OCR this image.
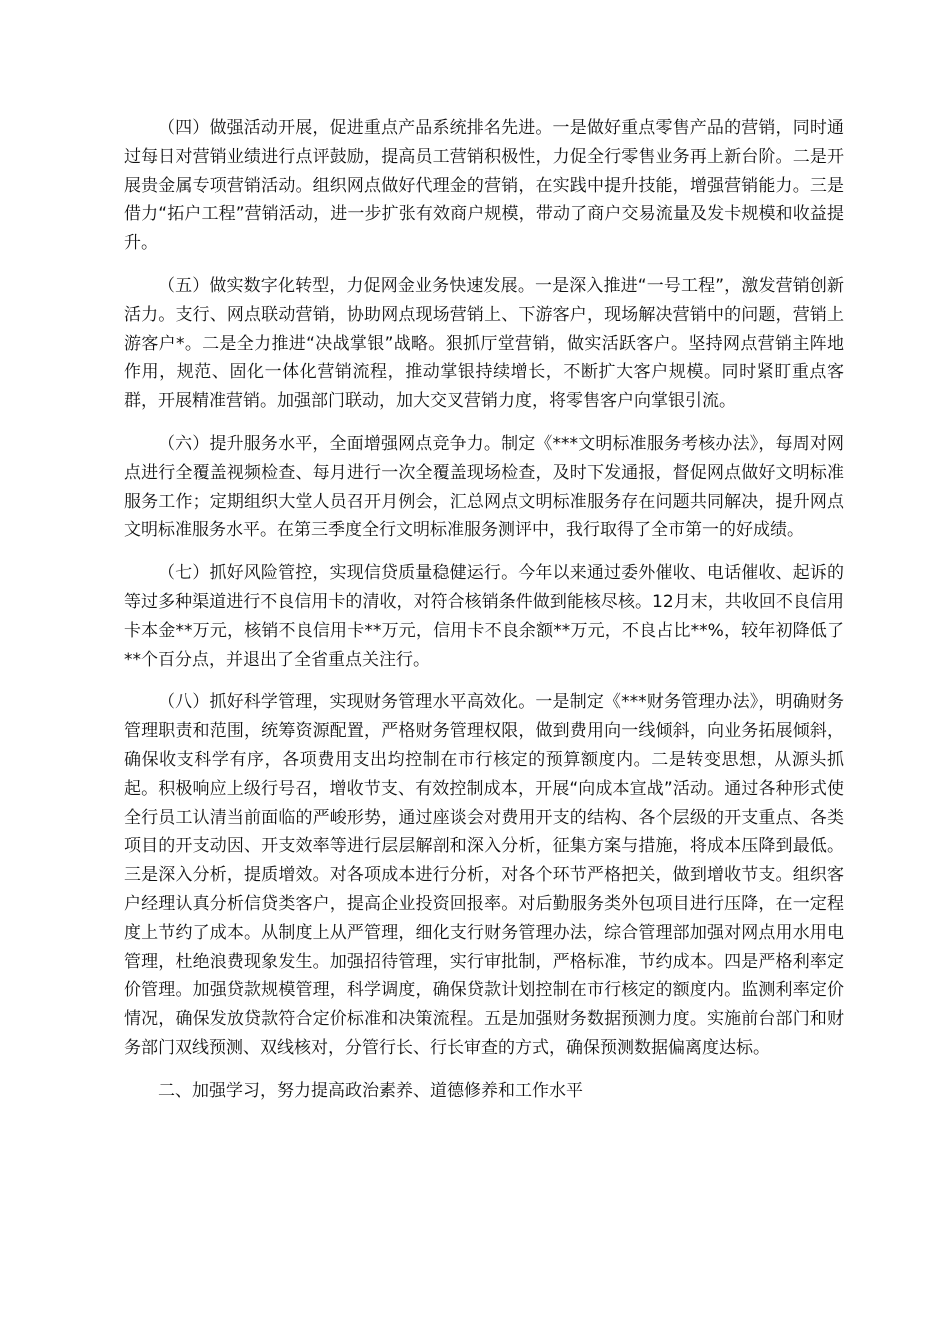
（四）做强活动开展，促进重点产品系统排名先进。一是做好重点零售产品的营销，同时通过每日对营销业绩进行点评鼓励，提高员工营销积极性，力促全行零售业务再上新台阶。二是开展贵金属专项营销活动。组织网点做好代理金的营销，在实践中提升技能，增强营销能力。三是借力“拓户工程”营销活动，进一步扩张有效商户规模，带动了商户交易流量及发卡规模和收益提升。

（五）做实数字化转型，力促网金业务快速发展。一是深入推进“一号工程”，激发营销创新活力。支行、网点联动营销，协助网点现场营销上、下游客户，现场解决营销中的问题，营销上游客户*。二是全力推进“决战掌银”战略。狠抓厅堂营销，做实活跃客户。坚持网点营销主阵地作用，规范、固化一体化营销流程，推动掌银持续增长，不断扩大客户规模。同时紧盯重点客群，开展精准营销。加强部门联动，加大交叉营销力度，将零售客户向掌银引流。

（六）提升服务水平，全面增强网点竞争力。制定《***文明标准服务考核办法》，每周对网点进行全覆盖视频检查、每月进行一次全覆盖现场检查，及时下发通报，督促网点做好文明标准服务工作；定期组织大堂人员召开月例会，汇总网点文明标准服务存在问题共同解决，提升网点文明标准服务水平。在第三季度全行文明标准服务测评中，我行取得了全市第一的好成绩。

（七）抓好风险管控，实现信贷质量稳健运行。今年以来通过委外催收、电话催收、起诉的等过多种渠道进行不良信用卡的清收，对符合核销条件做到能核尽核。12月末，共收回不良信用卡本金**万元，核销不良信用卡**万元，信用卡不良余额**万元，不良占比**%，较年初降低了**个百分点，并退出了全省重点关注行。

（八）抓好科学管理，实现财务管理水平高效化。一是制定《***财务管理办法》，明确财务管理职责和范围，统筹资源配置，严格财务管理权限，做到费用向一线倾斜，向业务拓展倾斜，确保收支科学有序，各项费用支出均控制在市行核定的预算额度内。二是转变思想，从源头抓起。积极响应上级行号召，增收节支、有效控制成本，开展“向成本宣战”活动。通过各种形式使全行员工认清当前面临的严峻形势，通过座谈会对费用开支的结构、各个层级的开支重点、各类项目的开支动因、开支效率等进行层层解剖和深入分析，征集方案与措施，将成本压降到最低。三是深入分析，提质增效。对各项成本进行分析，对各个环节严格把关，做到增收节支。组织客户经理认真分析信贷类客户，提高企业投资回报率。对后勤服务类外包项目进行压降，在一定程度上节约了成本。从制度上从严管理，细化支行财务管理办法，综合管理部加强对网点用水用电管理，杜绝浪费现象发生。加强招待管理，实行审批制，严格标准，节约成本。四是严格利率定价管理。加强贷款规模管理，科学调度，确保贷款计划控制在市行核定的额度内。监测利率定价情况，确保发放贷款符合定价标准和决策流程。五是加强财务数据预测力度。实施前台部门和财务部门双线预测、双线核对，分管行长、行长审查的方式，确保预测数据偏离度达标。

二、加强学习，努力提高政治素养、道德修养和工作水平
